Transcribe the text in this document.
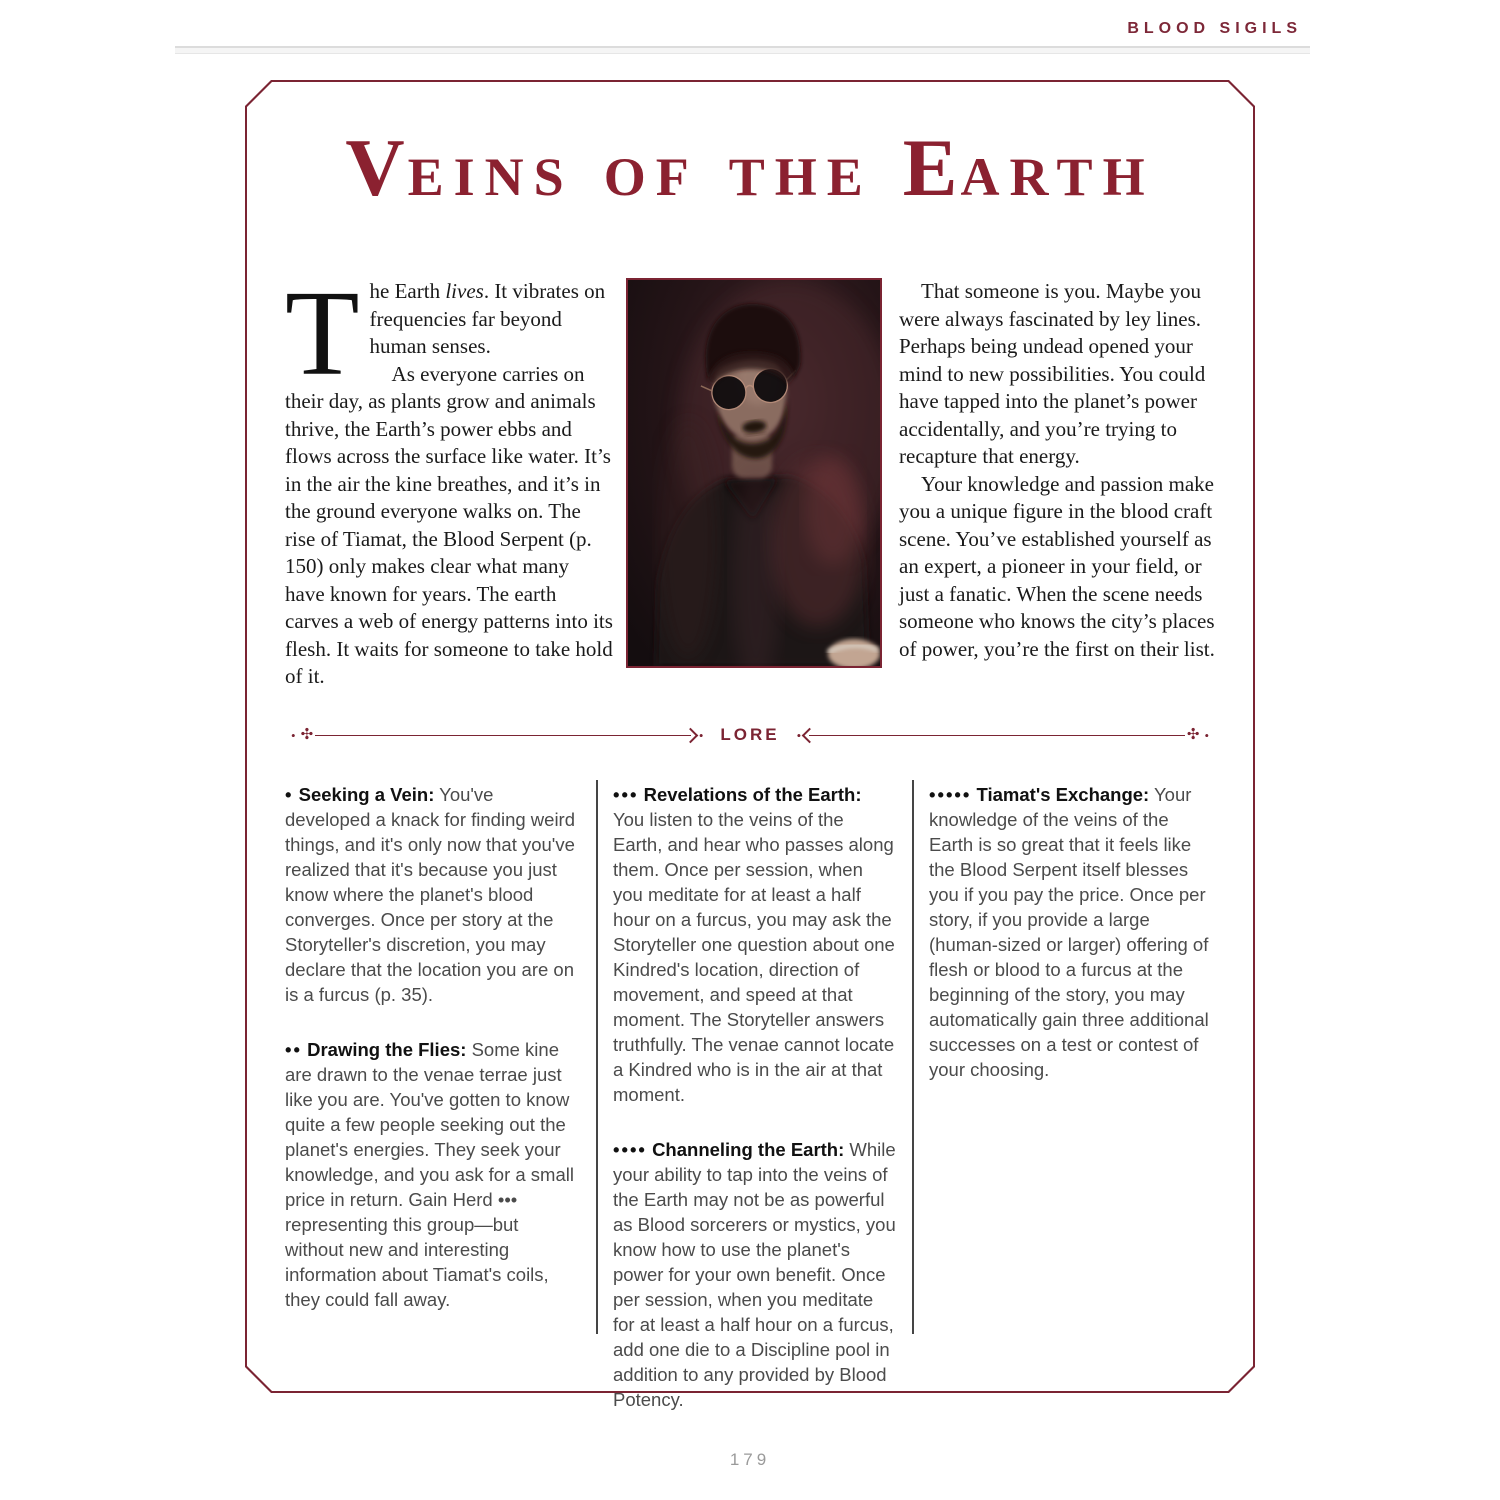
BLOOD SIGILS
VEINS OF THE EARTH

The Earth lives. It vibrates on frequencies far beyond human senses.

As everyone carries on their day, as plants grow and animals thrive, the Earth’s power ebbs and flows across the surface like water. It’s in the air the kine breathes, and it’s in the ground everyone walks on. The rise of Tiamat, the Blood Serpent (p. 150) only makes clear what many have known for years. The earth carves a web of energy patterns into its flesh. It waits for someone to take hold of it.

That someone is you. Maybe you were always fascinated by ley lines. Perhaps being undead opened your mind to new possibilities. You could have tapped into the planet’s power accidentally, and you’re trying to recapture that energy.

Your knowledge and passion make you a unique figure in the blood craft scene. You’ve established yourself as an expert, a pioneer in your field, or just a fanatic. When the scene needs someone who knows the city’s places of power, you’re the first on their list.

• ✣	• LORE •	✣ •

• Seeking a Vein: You've developed a knack for finding weird things, and it's only now that you've realized that it's because you just know where the planet's blood converges. Once per story at the Storyteller's discretion, you may declare that the location you are on is a furcus (p. 35).

•• Drawing the Flies: Some kine are drawn to the venae terrae just like you are. You've gotten to know quite a few people seeking out the planet's energies. They seek your knowledge, and you ask for a small price in return. Gain Herd ••• representing this group—but without new and interesting information about Tiamat's coils, they could fall away.

••• Revelations of the Earth: You listen to the veins of the Earth, and hear who passes along them. Once per session, when you meditate for at least a half hour on a furcus, you may ask the Storyteller one question about one Kindred's location, direction of movement, and speed at that moment. The Storyteller answers truthfully. The venae cannot locate a Kindred who is in the air at that moment.

•••• Channeling the Earth: While your ability to tap into the veins of the Earth may not be as powerful as Blood sorcerers or mystics, you know how to use the planet's power for your own benefit. Once per session, when you meditate for at least a half hour on a furcus, add one die to a Discipline pool in addition to any provided by Blood Potency.

••••• Tiamat's Exchange: Your knowledge of the veins of the Earth is so great that it feels like the Blood Serpent itself blesses you if you pay the price. Once per story, if you provide a large (human-sized or larger) offering of flesh or blood to a furcus at the beginning of the story, you may automatically gain three additional successes on a test or contest of your choosing.

179
